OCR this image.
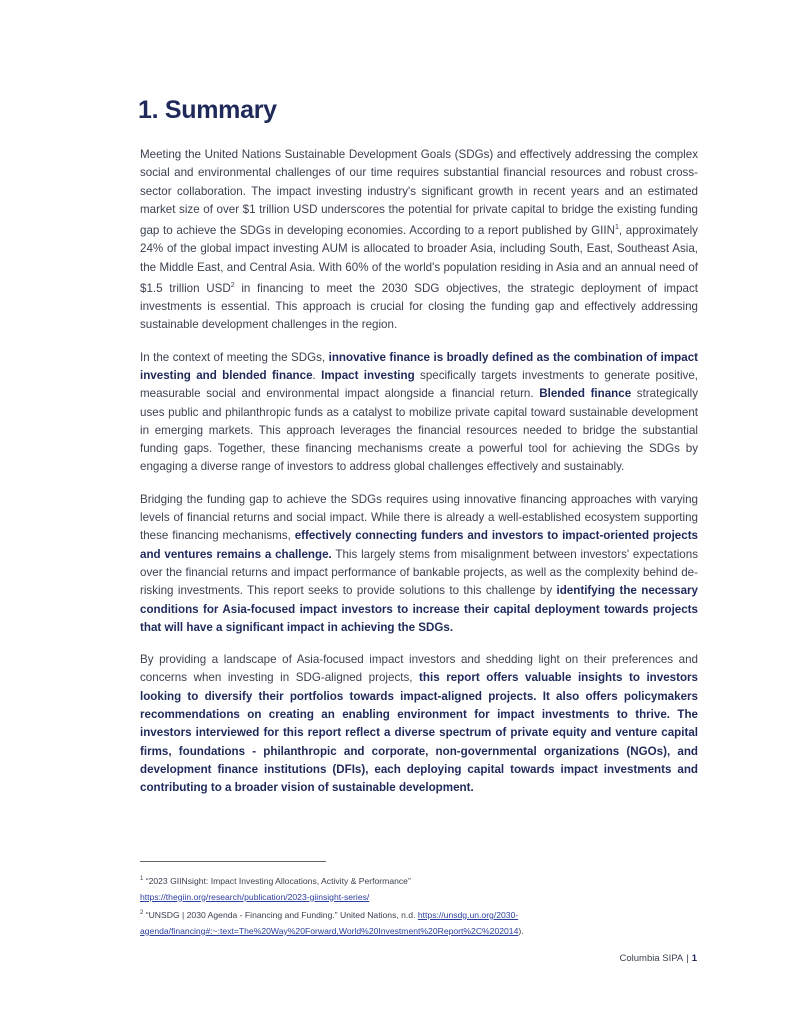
1. Summary

Meeting the United Nations Sustainable Development Goals (SDGs) and effectively addressing the complex social and environmental challenges of our time requires substantial financial resources and robust cross-sector collaboration. The impact investing industry's significant growth in recent years and an estimated market size of over $1 trillion USD underscores the potential for private capital to bridge the existing funding gap to achieve the SDGs in developing economies. According to a report published by GIIN$^1$, approximately 24% of the global impact investing AUM is allocated to broader Asia, including South, East, Southeast Asia, the Middle East, and Central Asia. With 60% of the world's population residing in Asia and an annual need of $1.5 trillion USD$^2$ in financing to meet the 2030 SDG objectives, the strategic deployment of impact investments is essential. This approach is crucial for closing the funding gap and effectively addressing sustainable development challenges in the region.

In the context of meeting the SDGs, innovative finance is broadly defined as the combination of impact investing and blended finance. Impact investing specifically targets investments to generate positive, measurable social and environmental impact alongside a financial return. Blended finance strategically uses public and philanthropic funds as a catalyst to mobilize private capital toward sustainable development in emerging markets. This approach leverages the financial resources needed to bridge the substantial funding gaps. Together, these financing mechanisms create a powerful tool for achieving the SDGs by engaging a diverse range of investors to address global challenges effectively and sustainably.

Bridging the funding gap to achieve the SDGs requires using innovative financing approaches with varying levels of financial returns and social impact. While there is already a well-established ecosystem supporting these financing mechanisms, effectively connecting funders and investors to impact-oriented projects and ventures remains a challenge. This largely stems from misalignment between investors' expectations over the financial returns and impact performance of bankable projects, as well as the complexity behind de-risking investments. This report seeks to provide solutions to this challenge by identifying the necessary conditions for Asia-focused impact investors to increase their capital deployment towards projects that will have a significant impact in achieving the SDGs.

By providing a landscape of Asia-focused impact investors and shedding light on their preferences and concerns when investing in SDG-aligned projects, this report offers valuable insights to investors looking to diversify their portfolios towards impact-aligned projects. It also offers policymakers recommendations on creating an enabling environment for impact investments to thrive. The investors interviewed for this report reflect a diverse spectrum of private equity and venture capital firms, foundations - philanthropic and corporate, non-governmental organizations (NGOs), and development finance institutions (DFIs), each deploying capital towards impact investments and contributing to a broader vision of sustainable development.

$^1$ “2023 GIINsight: Impact Investing Allocations, Activity & Performance”
https://thegiin.org/research/publication/2023-giinsight-series/
$^2$ “UNSDG | 2030 Agenda - Financing and Funding.” United Nations, n.d. https://unsdg.un.org/2030-
agenda/financing#:~:text=The%20Way%20Forward,World%20Investment%20Report%2C%202014).
Columbia SIPA | 1
